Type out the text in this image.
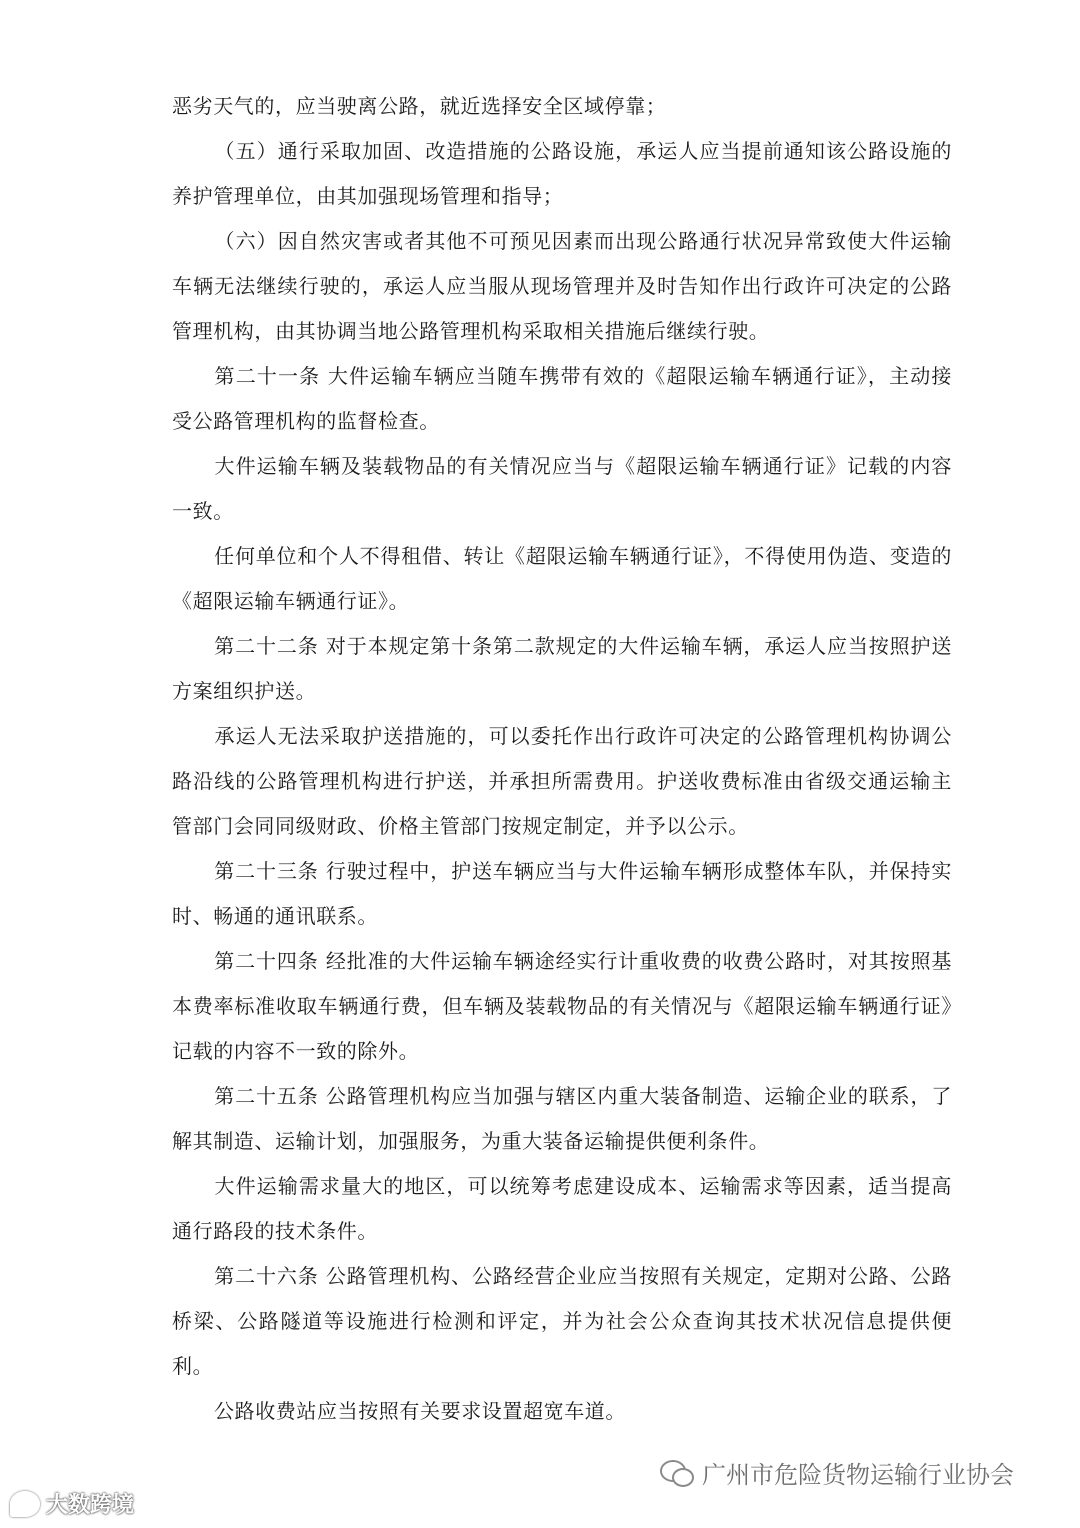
恶劣天气的，应当驶离公路，就近选择安全区域停靠；

（五）通行采取加固、改造措施的公路设施，承运人应当提前通知该公路设施的养护管理单位，由其加强现场管理和指导；

（六）因自然灾害或者其他不可预见因素而出现公路通行状况异常致使大件运输车辆无法继续行驶的，承运人应当服从现场管理并及时告知作出行政许可决定的公路管理机构，由其协调当地公路管理机构采取相关措施后继续行驶。

第二十一条 大件运输车辆应当随车携带有效的《超限运输车辆通行证》，主动接受公路管理机构的监督检查。

大件运输车辆及装载物品的有关情况应当与《超限运输车辆通行证》记载的内容一致。

任何单位和个人不得租借、转让《超限运输车辆通行证》，不得使用伪造、变造的《超限运输车辆通行证》。

第二十二条 对于本规定第十条第二款规定的大件运输车辆，承运人应当按照护送方案组织护送。

承运人无法采取护送措施的，可以委托作出行政许可决定的公路管理机构协调公路沿线的公路管理机构进行护送，并承担所需费用。护送收费标准由省级交通运输主管部门会同同级财政、价格主管部门按规定制定，并予以公示。

第二十三条 行驶过程中，护送车辆应当与大件运输车辆形成整体车队，并保持实时、畅通的通讯联系。

第二十四条 经批准的大件运输车辆途经实行计重收费的收费公路时，对其按照基本费率标准收取车辆通行费，但车辆及装载物品的有关情况与《超限运输车辆通行证》记载的内容不一致的除外。

第二十五条 公路管理机构应当加强与辖区内重大装备制造、运输企业的联系，了解其制造、运输计划，加强服务，为重大装备运输提供便利条件。

大件运输需求量大的地区，可以统筹考虑建设成本、运输需求等因素，适当提高通行路段的技术条件。

第二十六条 公路管理机构、公路经营企业应当按照有关规定，定期对公路、公路桥梁、公路隧道等设施进行检测和评定，并为社会公众查询其技术状况信息提供便利。

公路收费站应当按照有关要求设置超宽车道。

广州市危险货物运输行业协会
大数跨境
